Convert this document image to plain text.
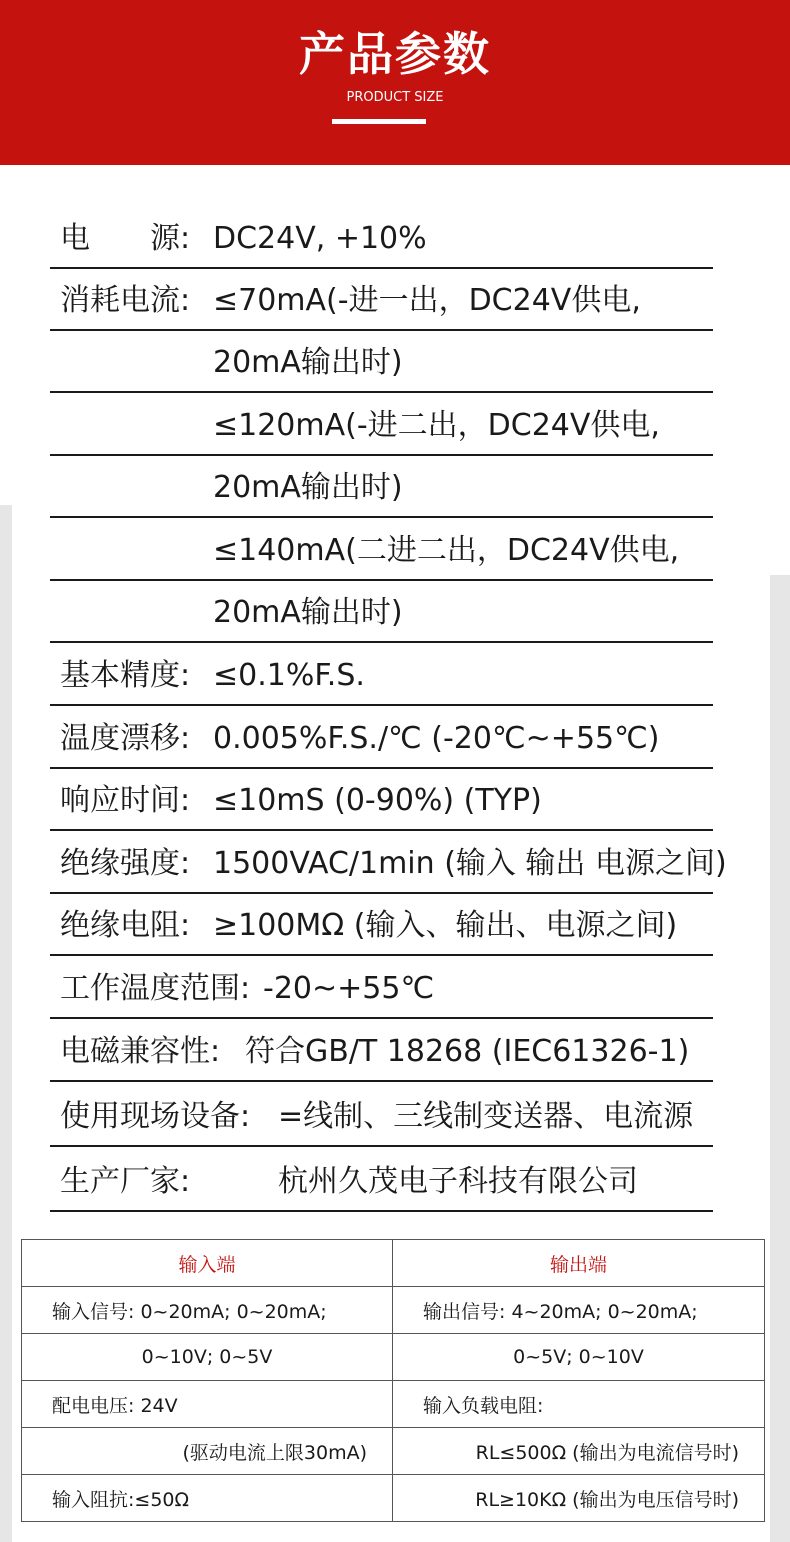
产品参数
PRODUCT SIZE
电　　源: DC24V, +10%
消耗电流: ≤70mA(-进一出，DC24V供电,
20mA输出时)
≤120mA(-进二出，DC24V供电,
20mA输出时)
≤140mA(二进二出，DC24V供电,
20mA输出时)
基本精度: ≤0.1%F.S.
温度漂移: 0.005%F.S./℃ (-20℃~+55℃)
响应时间: ≤10mS (0-90%) (TYP)
绝缘强度: 1500VAC/1min (输入 输出 电源之间)
绝缘电阻: ≥100MΩ (输入、输出、电源之间)
工作温度范围: -20~+55℃
电磁兼容性: 符合GB/T 18268 (IEC61326-1)
使用现场设备: =线制、三线制变送器、电流源
生产厂家:	杭州久茂电子科技有限公司
输入端	输出端
输入信号: 0~20mA; 0~20mA;	输出信号: 4~20mA; 0~20mA;
0~10V; 0~5V	0~5V; 0~10V
配电电压: 24V	输入负载电阻:
(驱动电流上限30mA)	RL≤500Ω (输出为电流信号时)
输入阻抗:≤50Ω	RL≥10KΩ (输出为电压信号时)
